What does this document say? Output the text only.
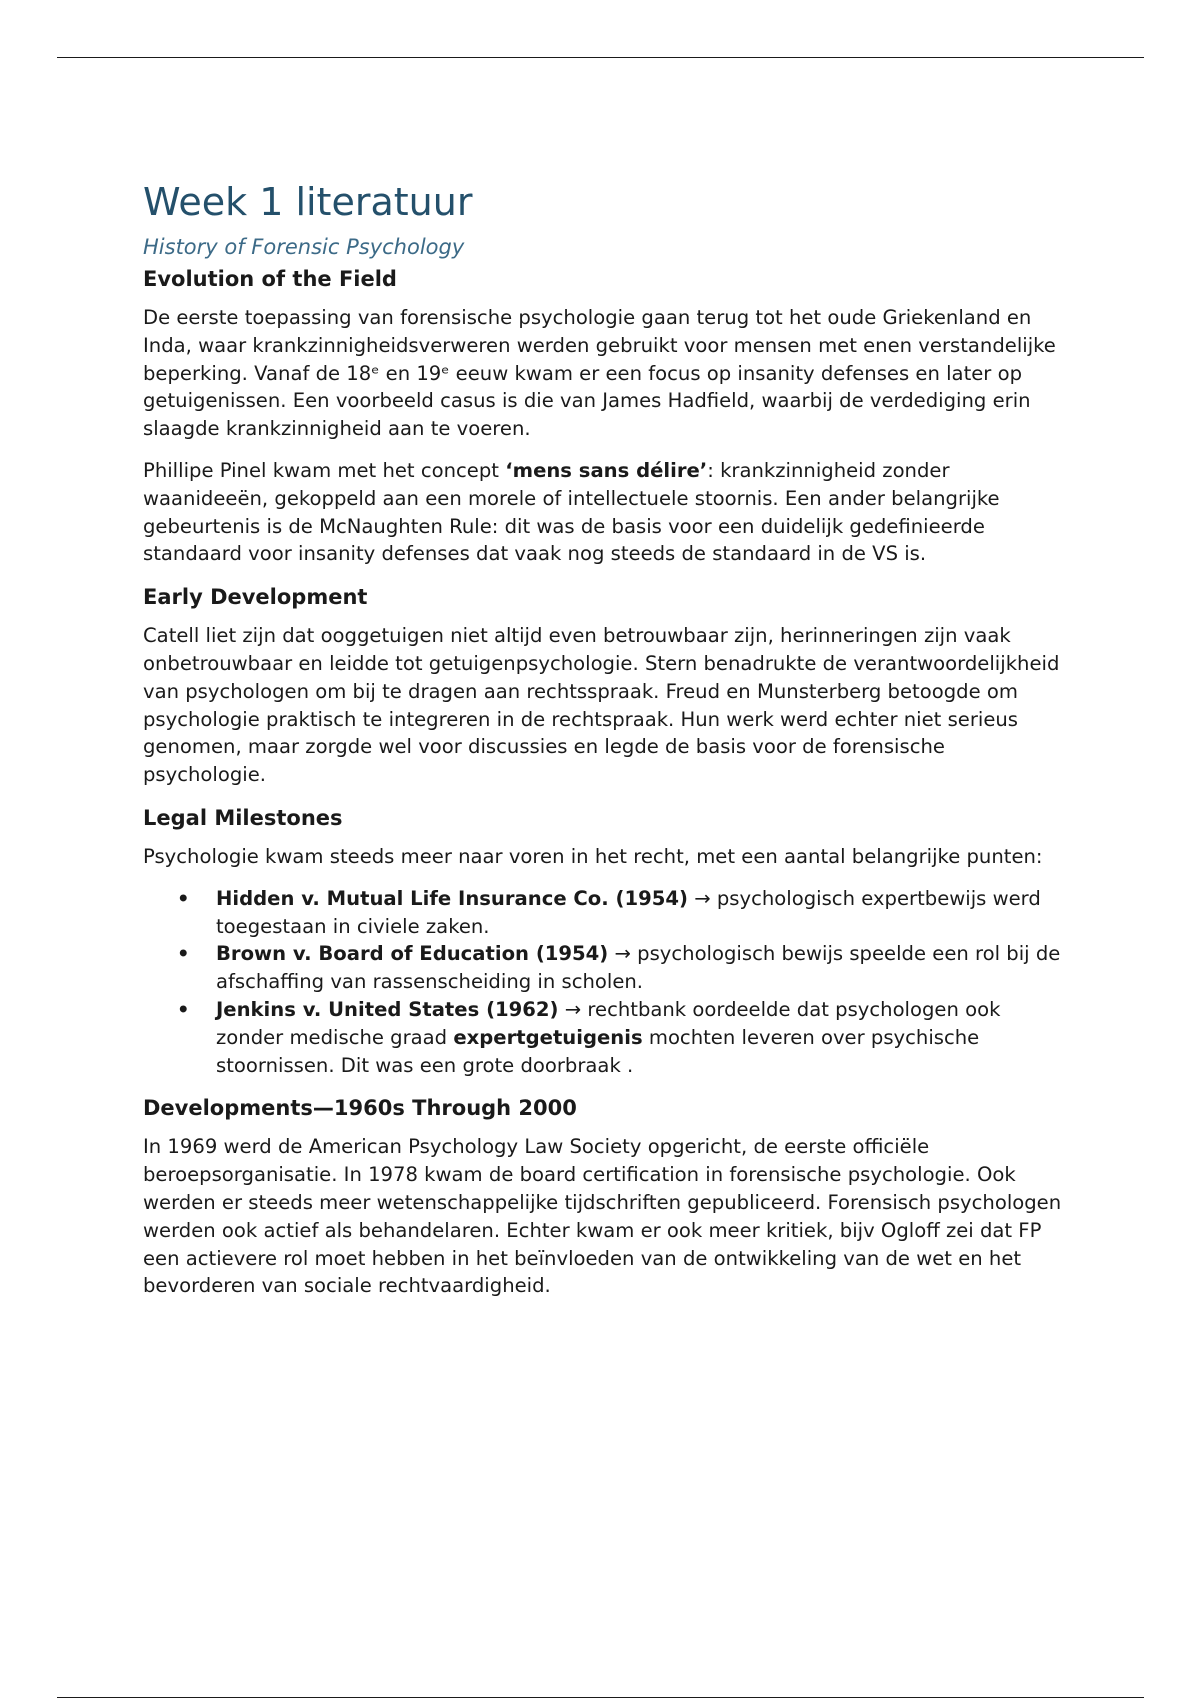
Week 1 literatuur
History of Forensic Psychology
Evolution of the Field

De eerste toepassing van forensische psychologie gaan terug tot het oude Griekenland en Inda, waar krankzinnigheidsverweren werden gebruikt voor mensen met enen verstandelijke beperking. Vanaf de 18ᵉ en 19ᵉ eeuw kwam er een focus op insanity defenses en later op getuigenissen. Een voorbeeld casus is die van James Hadfield, waarbij de verdediging erin slaagde krankzinnigheid aan te voeren.

Phillipe Pinel kwam met het concept ‘mens sans délire’: krankzinnigheid zonder waanideeën, gekoppeld aan een morele of intellectuele stoornis. Een ander belangrijke gebeurtenis is de McNaughten Rule: dit was de basis voor een duidelijk gedefinieerde standaard voor insanity defenses dat vaak nog steeds de standaard in de VS is.

Early Development

Catell liet zijn dat ooggetuigen niet altijd even betrouwbaar zijn, herinneringen zijn vaak onbetrouwbaar en leidde tot getuigenpsychologie. Stern benadrukte de verantwoordelijkheid van psychologen om bij te dragen aan rechtsspraak. Freud en Munsterberg betoogde om psychologie praktisch te integreren in de rechtspraak. Hun werk werd echter niet serieus genomen, maar zorgde wel voor discussies en legde de basis voor de forensische psychologie.

Legal Milestones

Psychologie kwam steeds meer naar voren in het recht, met een aantal belangrijke punten:

• Hidden v. Mutual Life Insurance Co. (1954) → psychologisch expertbewijs werd toegestaan in civiele zaken.
• Brown v. Board of Education (1954) → psychologisch bewijs speelde een rol bij de afschaffing van rassenscheiding in scholen.
• Jenkins v. United States (1962) → rechtbank oordeelde dat psychologen ook zonder medische graad expertgetuigenis mochten leveren over psychische stoornissen. Dit was een grote doorbraak .
Developments—1960s Through 2000

In 1969 werd de American Psychology Law Society opgericht, de eerste officiële beroepsorganisatie. In 1978 kwam de board certification in forensische psychologie. Ook werden er steeds meer wetenschappelijke tijdschriften gepubliceerd. Forensisch psychologen werden ook actief als behandelaren. Echter kwam er ook meer kritiek, bijv Ogloff zei dat FP een actievere rol moet hebben in het beïnvloeden van de ontwikkeling van de wet en het bevorderen van sociale rechtvaardigheid.
